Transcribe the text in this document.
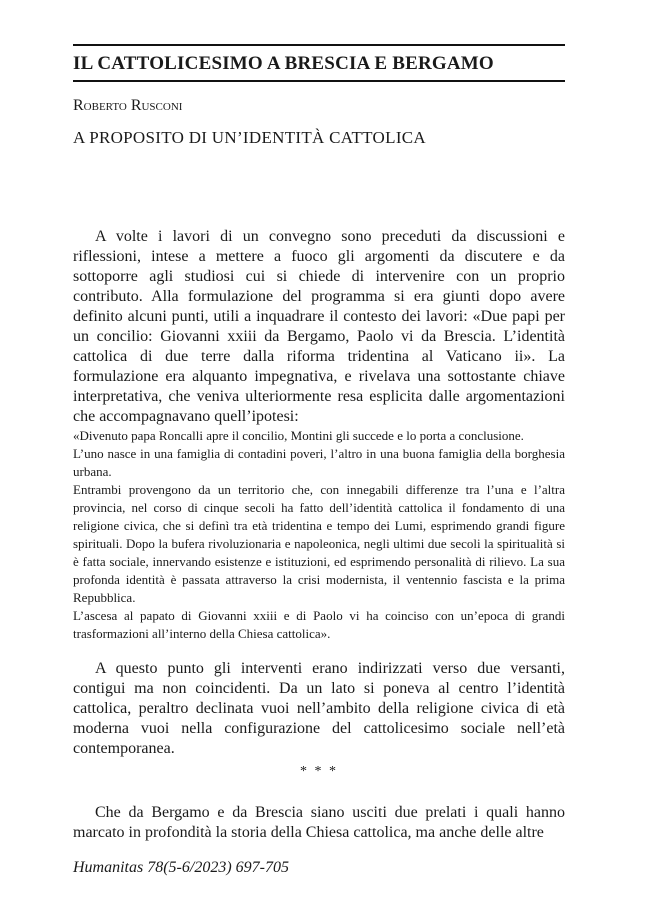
IL CATTOLICESIMO A BRESCIA E BERGAMO
Roberto Rusconi
A PROPOSITO DI UN’IDENTITÀ CATTOLICA

A volte i lavori di un convegno sono preceduti da discussioni e riflessioni, intese a mettere a fuoco gli argomenti da discutere e da sottoporre agli studiosi cui si chiede di intervenire con un proprio contributo. Alla formulazione del programma si era giunti dopo avere definito alcuni punti, utili a inquadrare il contesto dei lavori: «Due papi per un concilio: Giovanni xxiii da Bergamo, Paolo vi da Brescia. L’identità cattolica di due terre dalla riforma tridentina al Vaticano ii». La formulazione era alquanto impegnativa, e rivelava una sottostante chiave interpretativa, che veniva ulteriormente resa esplicita dalle argomentazioni che accompagnavano quell’ipotesi:

«Divenuto papa Roncalli apre il concilio, Montini gli succede e lo porta a conclusione.

L’uno nasce in una famiglia di contadini poveri, l’altro in una buona famiglia della borghesia urbana.

Entrambi provengono da un territorio che, con innegabili differenze tra l’una e l’altra provincia, nel corso di cinque secoli ha fatto dell’identità cattolica il fondamento di una religione civica, che si definì tra età tridentina e tempo dei Lumi, esprimendo grandi figure spirituali. Dopo la bufera rivoluzionaria e napoleonica, negli ultimi due secoli la spiritualità si è fatta sociale, innervando esistenze e istituzioni, ed esprimendo personalità di rilievo. La sua profonda identità è passata attraverso la crisi modernista, il ventennio fascista e la prima Repubblica.

L’ascesa al papato di Giovanni xxiii e di Paolo vi ha coinciso con un’epoca di grandi trasformazioni all’interno della Chiesa cattolica».

A questo punto gli interventi erano indirizzati verso due versanti, contigui ma non coincidenti. Da un lato si poneva al centro l’identità cattolica, peraltro declinata vuoi nell’ambito della religione civica di età moderna vuoi nella configurazione del cattolicesimo sociale nell’età contemporanea.

* * *

Che da Bergamo e da Brescia siano usciti due prelati i quali hanno marcato in profondità la storia della Chiesa cattolica, ma anche delle altre

Humanitas 78(5-6/2023) 697-705
